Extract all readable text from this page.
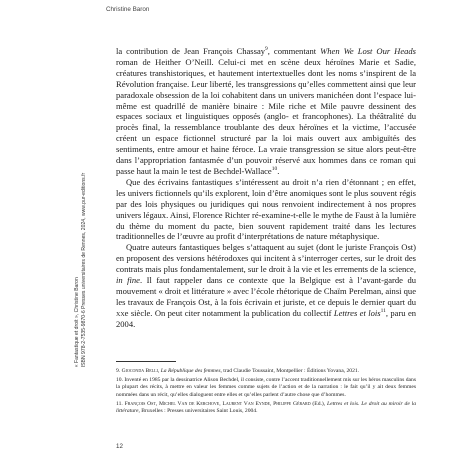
Christine Baron

la contribution de Jean François Chassay$^9$, commentant When We Lost Our Heads roman de Heither O’Neill. Celui-ci met en scène deux héroïnes Marie et Sadie, créatures transhistoriques, et hautement intertextuelles dont les noms s’inspirent de la Révolution française. Leur liberté, les transgressions qu’elles commettent ainsi que leur paradoxale obsession de la loi cohabitent dans un univers manichéen dont l’espace lui-même est quadrillé de manière binaire : Mile riche et Mile pauvre dessinent des espaces sociaux et linguistiques opposés (anglo- et francophones). La théâtralité du procès final, la ressemblance troublante des deux héroïnes et la victime, l’accusée créent un espace fictionnel structuré par la loi mais ouvert aux ambiguïtés des sentiments, entre amour et haine féroce. La vraie transgression se situe alors peut-être dans l’appropriation fantasmée d’un pouvoir réservé aux hommes dans ce roman qui passe haut la main le test de Bechdel-Wallace$^{10}$.

Que des écrivains fantastiques s’intéressent au droit n’a rien d’étonnant ; en effet, les univers fictionnels qu’ils explorent, loin d’être anomiques sont le plus souvent régis par des lois physiques ou juridiques qui nous renvoient indirectement à nos propres univers légaux. Ainsi, Florence Richter ré-examine-t-elle le mythe de Faust à la lumière du thème du moment du pacte, bien souvent rapidement traité dans les lectures traditionnelles de l’œuvre au profit d’interprétations de nature métaphysique.

Quatre auteurs fantastiques belges s’attaquent au sujet (dont le juriste François Ost) en proposent des versions hétérodoxes qui incitent à s’interroger certes, sur le droit des contrats mais plus fondamentalement, sur le droit à la vie et les errements de la science, in fine. Il faut rappeler dans ce contexte que la Belgique est à l’avant-garde du mouvement « droit et littérature » avec l’école rhétorique de Chaïm Perelman, ainsi que les travaux de François Ost, à la fois écrivain et juriste, et ce depuis le dernier quart du xxe siècle. On peut citer notamment la publication du collectif Lettres et lois$^{11}$, paru en 2004.

9. Gioconda Belli, La République des femmes, trad Claudie Toussaint, Montpellier : Éditions Yovana, 2021.

10. Inventé en 1985 par la dessinatrice Alison Bechdel, il consiste, contre l’accent traditionnellement mis sur les héros masculins dans la plupart des récits, à mettre en valeur les femmes comme sujets de l’action et de la narration : le fait qu’il y ait deux femmes nommées dans un récit, qu’elles dialoguent entre elles et qu’elles parlent d’autre chose que d’hommes.

11. François Ost, Michel Van de Kerchove, Laurent Van Eynde, Philippe Gérard (Ed.), Lettres et lois. Le droit au miroir de la littérature, Bruxelles : Presses universitaires Saint Louis, 2004.

« Fantastique et droit », Christine Baron ISBN 978-2-7535-9870-6 Presses universitaires de Rennes, 2024, www.pur-editions.fr
12
